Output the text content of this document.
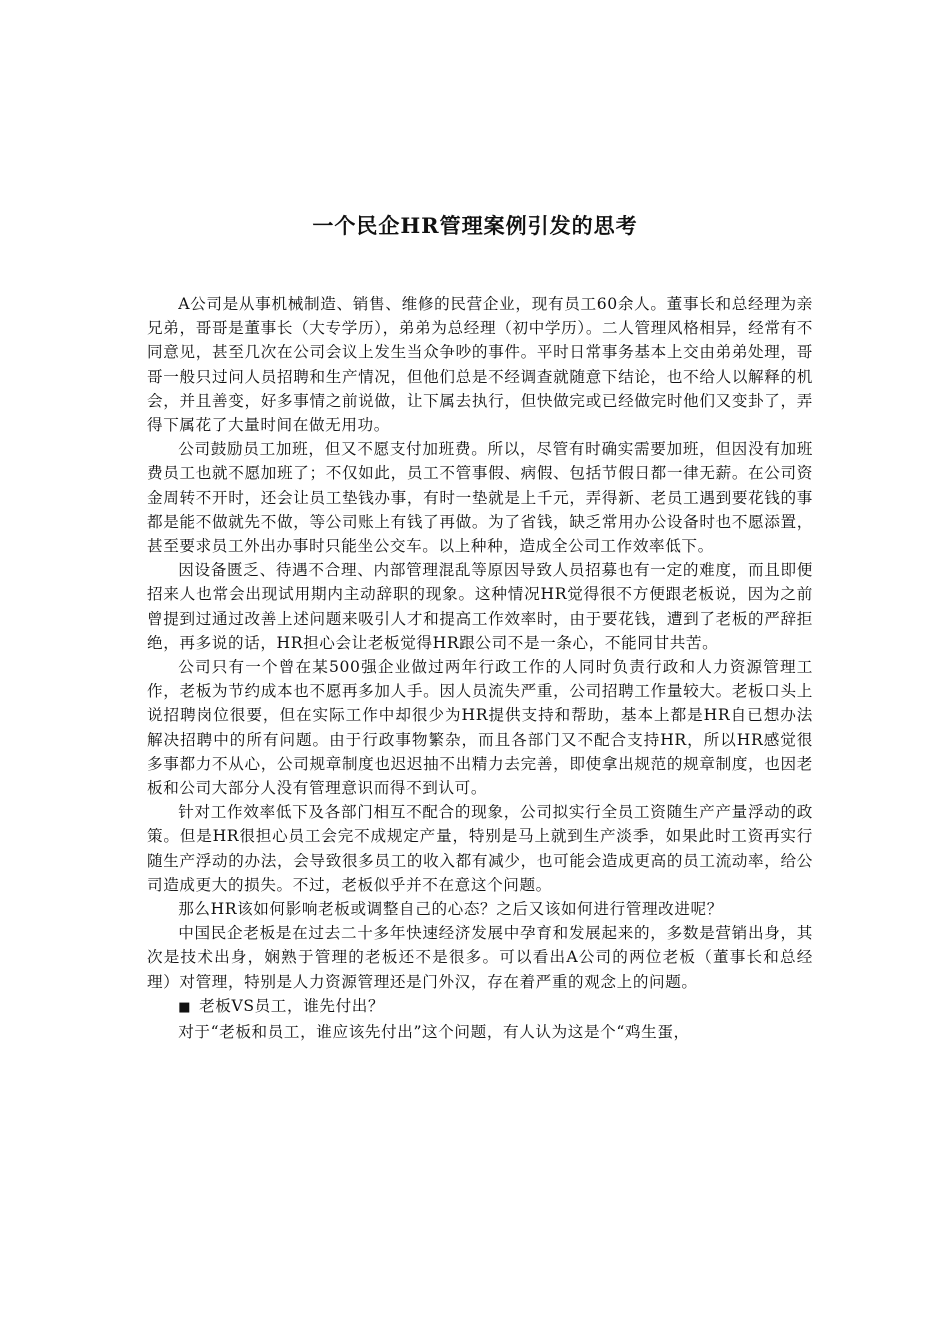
一个民企HR管理案例引发的思考

A公司是从事机械制造、销售、维修的民营企业，现有员工60余人。董事长和总经理为亲兄弟，哥哥是董事长（大专学历），弟弟为总经理（初中学历）。二人管理风格相异，经常有不同意见，甚至几次在公司会议上发生当众争吵的事件。平时日常事务基本上交由弟弟处理，哥哥一般只过问人员招聘和生产情况，但他们总是不经调查就随意下结论，也不给人以解释的机会，并且善变，好多事情之前说做，让下属去执行，但快做完或已经做完时他们又变卦了，弄得下属花了大量时间在做无用功。

公司鼓励员工加班，但又不愿支付加班费。所以，尽管有时确实需要加班，但因没有加班费员工也就不愿加班了；不仅如此，员工不管事假、病假、包括节假日都一律无薪。在公司资金周转不开时，还会让员工垫钱办事，有时一垫就是上千元，弄得新、老员工遇到要花钱的事都是能不做就先不做，等公司账上有钱了再做。为了省钱，缺乏常用办公设备时也不愿添置，甚至要求员工外出办事时只能坐公交车。以上种种，造成全公司工作效率低下。

因设备匮乏、待遇不合理、内部管理混乱等原因导致人员招募也有一定的难度，而且即便招来人也常会出现试用期内主动辞职的现象。这种情况HR觉得很不方便跟老板说，因为之前曾提到过通过改善上述问题来吸引人才和提高工作效率时，由于要花钱，遭到了老板的严辞拒绝，再多说的话，HR担心会让老板觉得HR跟公司不是一条心，不能同甘共苦。

公司只有一个曾在某500强企业做过两年行政工作的人同时负责行政和人力资源管理工作，老板为节约成本也不愿再多加人手。因人员流失严重，公司招聘工作量较大。老板口头上说招聘岗位很要，但在实际工作中却很少为HR提供支持和帮助，基本上都是HR自已想办法解决招聘中的所有问题。由于行政事物繁杂，而且各部门又不配合支持HR，所以HR感觉很多事都力不从心，公司规章制度也迟迟抽不出精力去完善，即使拿出规范的规章制度，也因老板和公司大部分人没有管理意识而得不到认可。

针对工作效率低下及各部门相互不配合的现象，公司拟实行全员工资随生产产量浮动的政策。但是HR很担心员工会完不成规定产量，特别是马上就到生产淡季，如果此时工资再实行随生产浮动的办法，会导致很多员工的收入都有减少，也可能会造成更高的员工流动率，给公司造成更大的损失。不过，老板似乎并不在意这个问题。

那么HR该如何影响老板或调整自己的心态？之后又该如何进行管理改进呢？

中国民企老板是在过去二十多年快速经济发展中孕育和发展起来的，多数是营销出身，其次是技术出身，娴熟于管理的老板还不是很多。可以看出A公司的两位老板（董事长和总经理）对管理，特别是人力资源管理还是门外汉，存在着严重的观念上的问题。

■ 老板VS员工，谁先付出？

对于“老板和员工，谁应该先付出”这个问题，有人认为这是个“鸡生蛋，
